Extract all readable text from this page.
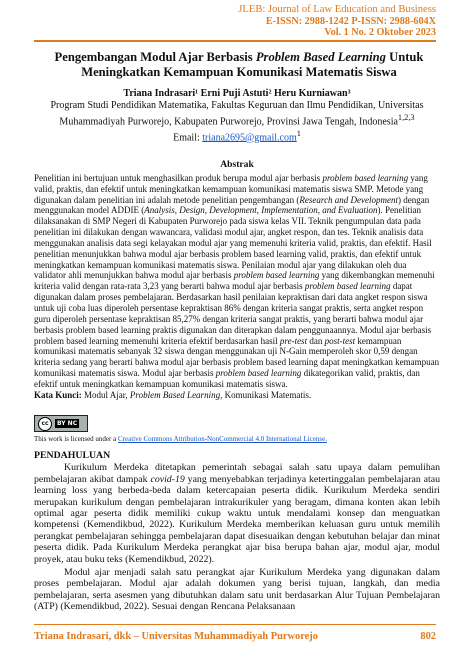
JLEB: Journal of Law Education and Business
E-ISSN: 2988-1242 P-ISSN: 2988-604X
Vol. 1 No. 2 Oktober 2023
Pengembangan Modul Ajar Berbasis Problem Based Learning Untuk Meningkatkan Kemampuan Komunikasi Matematis Siswa
Triana Indrasari¹ Erni Puji Astuti² Heru Kurniawan³
Program Studi Pendidikan Matematika, Fakultas Keguruan dan Ilmu Pendidikan, Universitas Muhammadiyah Purworejo, Kabupaten Purworejo, Provinsi Jawa Tengah, Indonesia$^{1,2,3}$
Email: triana2695@gmail.com$^1$
Abstrak

Penelitian ini bertujuan untuk menghasilkan produk berupa modul ajar berbasis problem based learning yang valid, praktis, dan efektif untuk meningkatkan kemampuan komunikasi matematis siswa SMP. Metode yang digunakan dalam penelitian ini adalah metode penelitian pengembangan (Research and Development) dengan menggunakan model ADDIE (Analysis, Design, Development, Implementation, and Evaluation). Penelitian dilaksanakan di SMP Negeri di Kabupaten Purworejo pada siswa kelas VII. Teknik pengumpulan data pada penelitian ini dilakukan dengan wawancara, validasi modul ajar, angket respon, dan tes. Teknik analisis data menggunakan analisis data segi kelayakan modul ajar yang memenuhi kriteria valid, praktis, dan efektif. Hasil penelitian menunjukkan bahwa modul ajar berbasis problem based learning valid, praktis, dan efektif untuk meningkatkan kemampuan komunikasi matematis siswa. Penilaian modul ajar yang dilakukan oleh dua validator ahli menunjukkan bahwa modul ajar berbasis problem based learning yang dikembangkan memenuhi kriteria valid dengan rata-rata 3,23 yang berarti bahwa modul ajar berbasis problem based learning dapat digunakan dalam proses pembelajaran. Berdasarkan hasil penilaian kepraktisan dari data angket respon siswa untuk uji coba luas diperoleh persentase kepraktisan 86% dengan kriteria sangat praktis, serta angket respon guru diperoleh persentase kepraktisan 85,27% dengan kriteria sangat praktis, yang berarti bahwa modul ajar berbasis problem based learning praktis digunakan dan diterapkan dalam penggunaannya. Modul ajar berbasis problem based learning memenuhi kriteria efektif berdasarkan hasil pre-test dan post-test kemampuan komunikasi matematis sebanyak 32 siswa dengan menggunakan uji N-Gain memperoleh skor 0,59 dengan kriteria sedang yang berarti bahwa modul ajar berbasis problem based learning dapat meningkatkan kemampuan komunikasi matematis siswa. Modul ajar berbasis problem based learning dikategorikan valid, praktis, dan efektif untuk meningkatkan kemampuan komunikasi matematis siswa.

Kata Kunci: Modul Ajar, Problem Based Learning, Komunikasi Matematis.

cc	BY NC
This work is licensed under a Creative Commons Attribution-NonCommercial 4.0 International License.
PENDAHULUAN

Kurikulum Merdeka ditetapkan pemerintah sebagai salah satu upaya dalam pemulihan pembelajaran akibat dampak covid-19 yang menyebabkan terjadinya ketertinggalan pembelajaran atau learning loss yang berbeda-beda dalam ketercapaian peserta didik. Kurikulum Merdeka sendiri merupakan kurikulum dengan pembelajaran intrakurikuler yang beragam, dimana konten akan lebih optimal agar peserta didik memiliki cukup waktu untuk mendalami konsep dan menguatkan kompetensi (Kemendikbud, 2022). Kurikulum Merdeka memberikan keluasan guru untuk memilih perangkat pembelajaran sehingga pembelajaran dapat disesuaikan dengan kebutuhan belajar dan minat peserta didik. Pada Kurikulum Merdeka perangkat ajar bisa berupa bahan ajar, modul ajar, modul proyek, atau buku teks (Kemendikbud, 2022).

Modul ajar menjadi salah satu perangkat ajar Kurikulum Merdeka yang digunakan dalam proses pembelajaran. Modul ajar adalah dokumen yang berisi tujuan, langkah, dan media pembelajaran, serta asesmen yang dibutuhkan dalam satu unit berdasarkan Alur Tujuan Pembelajaran (ATP) (Kemendikbud, 2022). Sesuai dengan Rencana Pelaksanaan

Triana Indrasari, dkk – Universitas Muhammadiyah Purworejo	802
